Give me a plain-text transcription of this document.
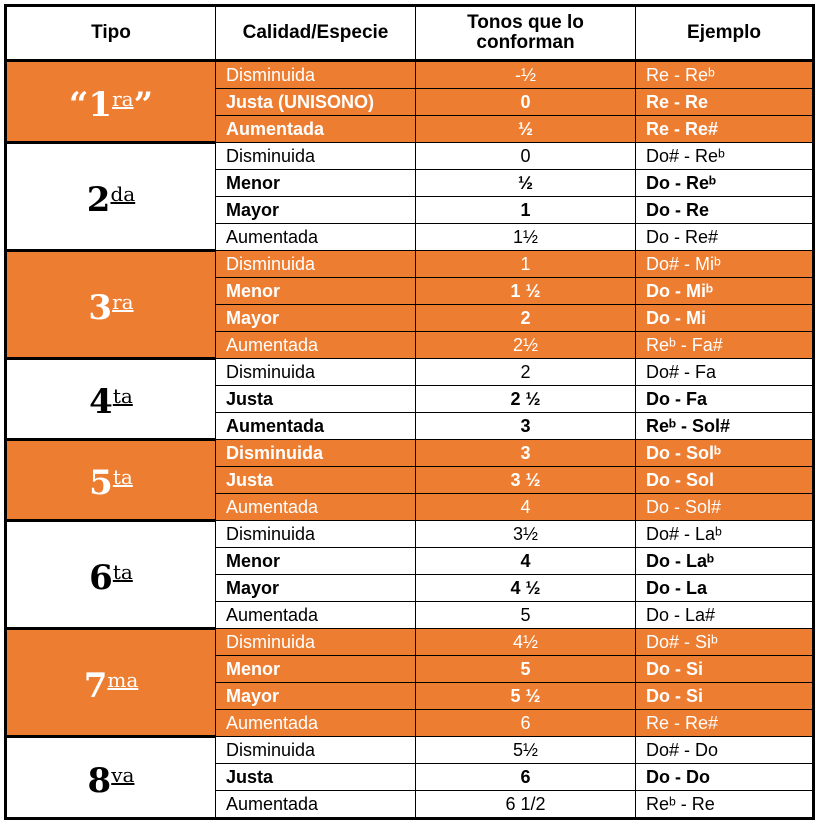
Tipo	Calidad/Especie	Tonos que lo conforman	Ejemplo
“$1^{ra}$”	Disminuida	-½	Re - Reᵇ
	Justa (UNISONO)	0	Re - Re
	Aumentada	½	Re - Re#
$2^{da}$	Disminuida	0	Do# - Reᵇ
	Menor	½	Do - Reᵇ
	Mayor	1	Do - Re
	Aumentada	1½	Do - Re#
$3^{ra}$	Disminuida	1	Do# - Miᵇ
	Menor	1 ½	Do - Miᵇ
	Mayor	2	Do - Mi
	Aumentada	2½	Reᵇ - Fa#
$4^{ta}$	Disminuida	2	Do# - Fa
	Justa	2 ½	Do - Fa
	Aumentada	3	Reᵇ - Sol#
$5^{ta}$	Disminuida	3	Do - Solᵇ
	Justa	3 ½	Do - Sol
	Aumentada	4	Do - Sol#
$6^{ta}$	Disminuida	3½	Do# - Laᵇ
	Menor	4	Do - Laᵇ
	Mayor	4 ½	Do - La
	Aumentada	5	Do - La#
$7^{ma}$	Disminuida	4½	Do# - Siᵇ
	Menor	5	Do - Si
	Mayor	5 ½	Do - Si
	Aumentada	6	Re - Re#
$8^{va}$	Disminuida	5½	Do# - Do
	Justa	6	Do - Do
	Aumentada	6 1/2	Reᵇ - Re
